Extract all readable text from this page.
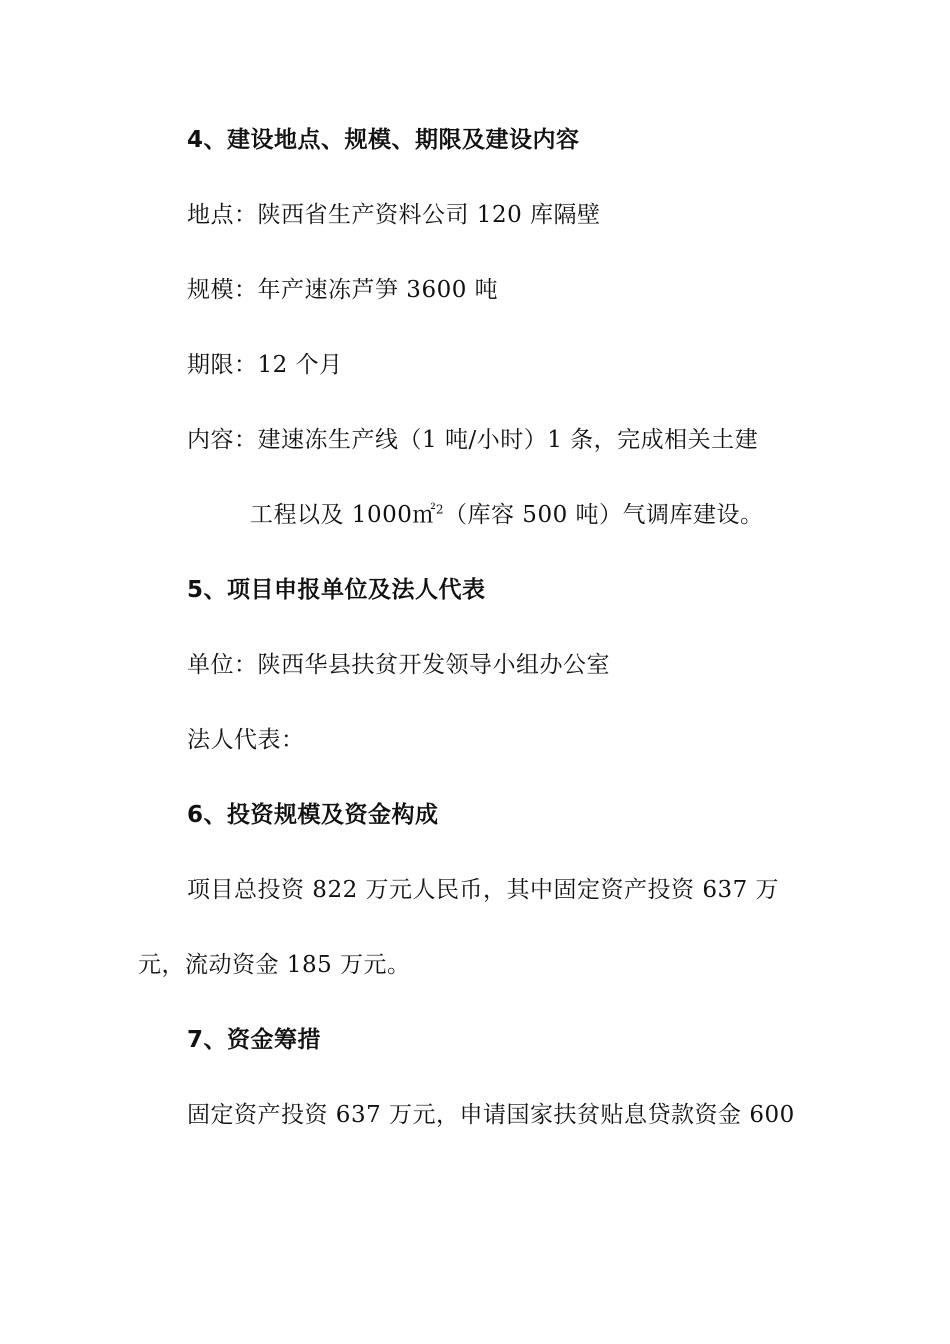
4、建设地点、规模、期限及建设内容
地点：陕西省生产资料公司 120 库隔壁
规模：年产速冻芦笋 3600 吨
期限：12 个月
内容：建速冻生产线（1 吨/小时）1 条，完成相关土建
工程以及 1000㎡$^2$（库容 500 吨）气调库建设。
5、项目申报单位及法人代表
单位：陕西华县扶贫开发领导小组办公室
法人代表：
6、投资规模及资金构成
项目总投资 822 万元人民币，其中固定资产投资 637 万
元，流动资金 185 万元。
7、资金筹措
固定资产投资 637 万元，申请国家扶贫贴息贷款资金 600
